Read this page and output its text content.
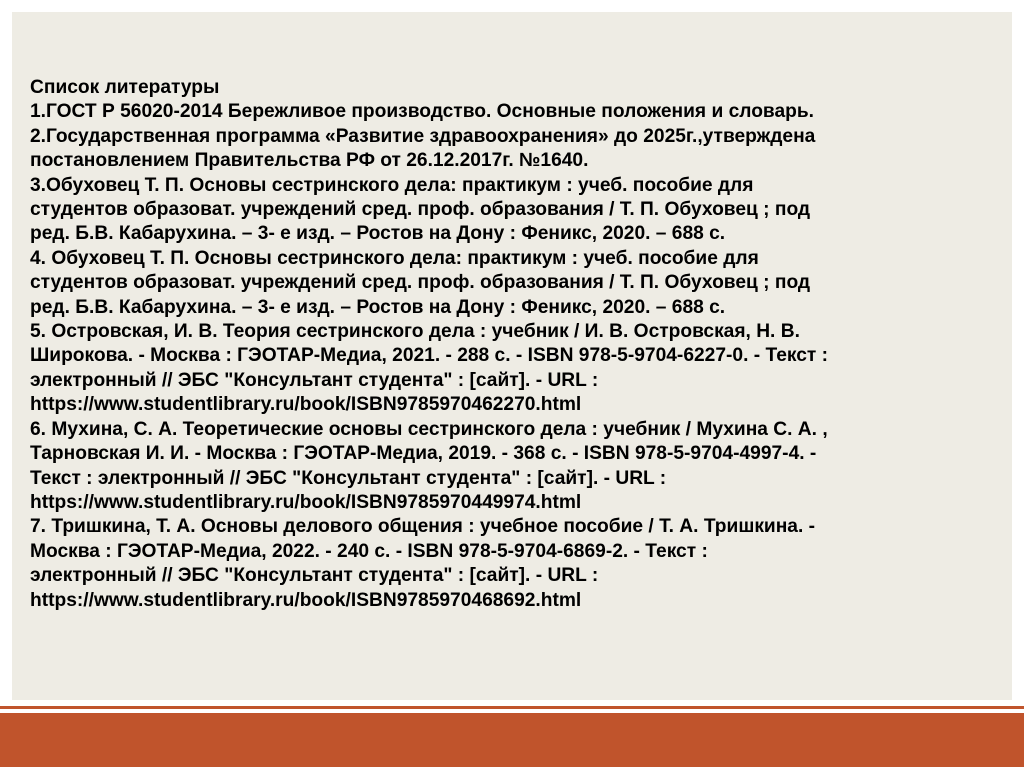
Список литературы
1.ГОСТ Р 56020-2014 Бережливое производство. Основные положения и словарь.
2.Государственная программа «Развитие здравоохранения» до 2025г.,утверждена
постановлением Правительства РФ от 26.12.2017г. №1640.
3.Обуховец Т. П. Основы сестринского дела: практикум : учеб. пособие для
студентов образоват. учреждений сред. проф. образования / Т. П. Обуховец ; под
ред. Б.В. Кабарухина. – 3- е изд. – Ростов на Дону : Феникс, 2020. – 688 с.
4. Обуховец Т. П. Основы сестринского дела: практикум : учеб. пособие для
студентов образоват. учреждений сред. проф. образования / Т. П. Обуховец ; под
ред. Б.В. Кабарухина. – 3- е изд. – Ростов на Дону : Феникс, 2020. – 688 с.
5. Островская, И. В. Теория сестринского дела : учебник / И. В. Островская, Н. В.
Широкова. - Москва : ГЭОТАР-Медиа, 2021. - 288 с. - ISBN 978-5-9704-6227-0. - Текст :
электронный // ЭБС "Консультант студента" : [сайт]. - URL :
https://www.studentlibrary.ru/book/ISBN9785970462270.html
6. Мухина, С. А. Теоретические основы сестринского дела : учебник / Мухина С. А. ,
Тарновская И. И. - Москва : ГЭОТАР-Медиа, 2019. - 368 с. - ISBN 978-5-9704-4997-4. -
Текст : электронный // ЭБС "Консультант студента" : [сайт]. - URL :
https://www.studentlibrary.ru/book/ISBN9785970449974.html
7. Тришкина, Т. А. Основы делового общения : учебное пособие / Т. А. Тришкина. -
Москва : ГЭОТАР-Медиа, 2022. - 240 с. - ISBN 978-5-9704-6869-2. - Текст :
электронный // ЭБС "Консультант студента" : [сайт]. - URL :
https://www.studentlibrary.ru/book/ISBN9785970468692.html
